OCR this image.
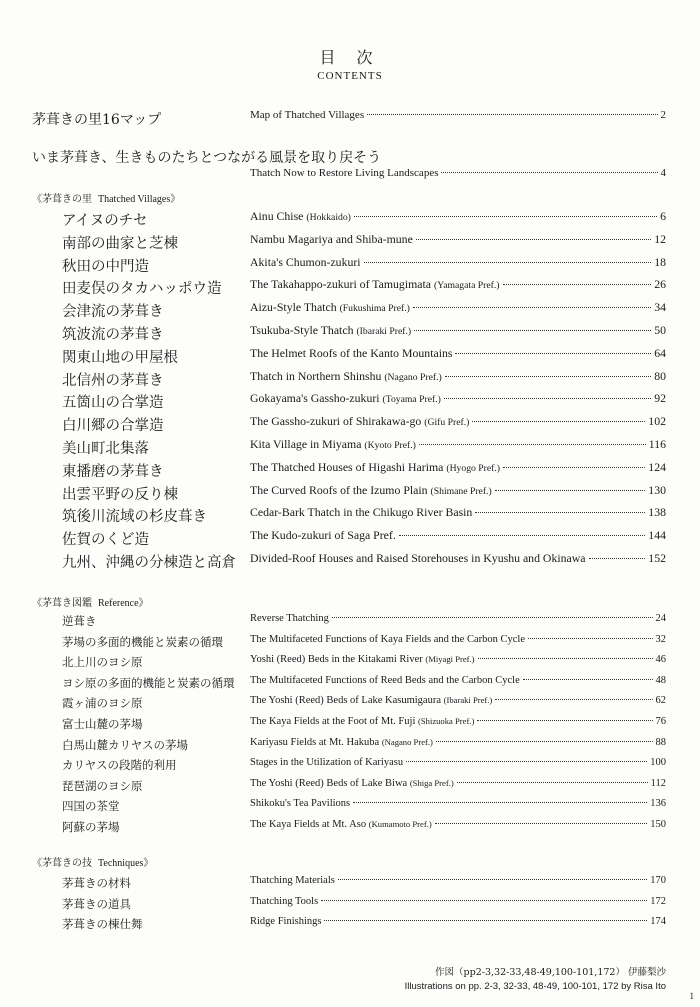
目 次
CONTENTS
茅葺きの里16マップ	Map of Thatched Villages	2
いま茅葺き、生きものたちとつながる風景を取り戻そう
Thatch Now to Restore Living Landscapes	4
《茅葺きの里 Thatched Villages》
アイヌのチセ	Ainu Chise (Hokkaido)	6
南部の曲家と芝棟	Nambu Magariya and Shiba-mune	12
秋田の中門造	Akita's Chumon-zukuri	18
田麦俣のタカハッポウ造 The Takahappo-zukuri of Tamugimata (Yamagata Pref.)	26
会津流の茅葺き	Aizu-Style Thatch (Fukushima Pref.)	34
筑波流の茅葺き	Tsukuba-Style Thatch (Ibaraki Pref.)	50
関東山地の甲屋根	The Helmet Roofs of the Kanto Mountains	64
北信州の茅葺き	Thatch in Northern Shinshu (Nagano Pref.)	80
五箇山の合掌造	Gokayama's Gassho-zukuri (Toyama Pref.)	92
白川郷の合掌造	The Gassho-zukuri of Shirakawa-go (Gifu Pref.)	102
美山町北集落	Kita Village in Miyama (Kyoto Pref.)	116
東播磨の茅葺き	The Thatched Houses of Higashi Harima (Hyogo Pref.)	124
出雲平野の反り棟	The Curved Roofs of the Izumo Plain (Shimane Pref.)	130
筑後川流域の杉皮葺き	Cedar-Bark Thatch in the Chikugo River Basin	138
佐賀のくど造	The Kudo-zukuri of Saga Pref.	144
九州、沖縄の分棟造と高倉 Divided-Roof Houses and Raised Storehouses in Kyushu and Okinawa	152
《茅葺き図鑑 Reference》
逆葺き	Reverse Thatching	24
茅場の多面的機能と炭素の循環	The Multifaceted Functions of Kaya Fields and the Carbon Cycle	32
北上川のヨシ原	Yoshi (Reed) Beds in the Kitakami River (Miyagi Pref.)	46
ヨシ原の多面的機能と炭素の循環 The Multifaceted Functions of Reed Beds and the Carbon Cycle	48
霞ヶ浦のヨシ原	The Yoshi (Reed) Beds of Lake Kasumigaura (Ibaraki Pref.)	62
富士山麓の茅場	The Kaya Fields at the Foot of Mt. Fuji (Shizuoka Pref.)	76
白馬山麓カリヤスの茅場	Kariyasu Fields at Mt. Hakuba (Nagano Pref.)	88
カリヤスの段階的利用	Stages in the Utilization of Kariyasu	100
琵琶湖のヨシ原	The Yoshi (Reed) Beds of Lake Biwa (Shiga Pref.)	112
四国の茶堂	Shikoku's Tea Pavilions	136
阿蘇の茅場	The Kaya Fields at Mt. Aso (Kumamoto Pref.)	150
《茅葺きの技 Techniques》
茅葺きの材料	Thatching Materials	170
茅葺きの道具	Thatching Tools	172
茅葺きの棟仕舞	Ridge Finishings	174
作図（pp2-3,32-33,48-49,100-101,172） 伊藤梨沙
Illustrations on pp. 2-3, 32-33, 48-49, 100-101, 172 by Risa Ito
1
